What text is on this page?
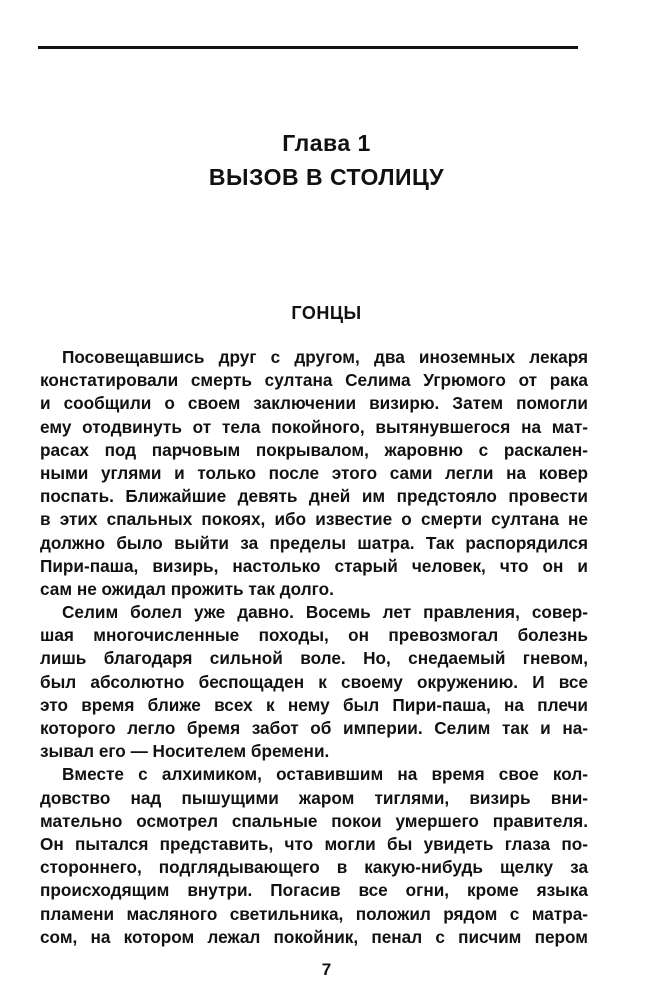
Глава 1
ВЫЗОВ В СТОЛИЦУ
ГОНЦЫ
Посовещавшись друг с другом, два иноземных лекаря
констатировали смерть султана Селима Угрюмого от рака
и сообщили о своем заключении визирю. Затем помогли
ему отодвинуть от тела покойного, вытянувшегося на мат-
расах под парчовым покрывалом, жаровню с раскален-
ными углями и только после этого сами легли на ковер
поспать. Ближайшие девять дней им предстояло провести
в этих спальных покоях, ибо известие о смерти султана не
должно было выйти за пределы шатра. Так распорядился
Пири-паша, визирь, настолько старый человек, что он и
сам не ожидал прожить так долго.
Селим болел уже давно. Восемь лет правления, совер-
шая многочисленные походы, он превозмогал болезнь
лишь благодаря сильной воле. Но, снедаемый гневом,
был абсолютно беспощаден к своему окружению. И все
это время ближе всех к нему был Пири-паша, на плечи
которого легло бремя забот об империи. Селим так и на-
зывал его — Носителем бремени.
Вместе с алхимиком, оставившим на время свое кол-
довство над пышущими жаром тиглями, визирь вни-
мательно осмотрел спальные покои умершего правителя.
Он пытался представить, что могли бы увидеть глаза по-
стороннего, подглядывающего в какую-нибудь щелку за
происходящим внутри. Погасив все огни, кроме языка
пламени масляного светильника, положил рядом с матра-
сом, на котором лежал покойник, пенал с писчим пером
7
